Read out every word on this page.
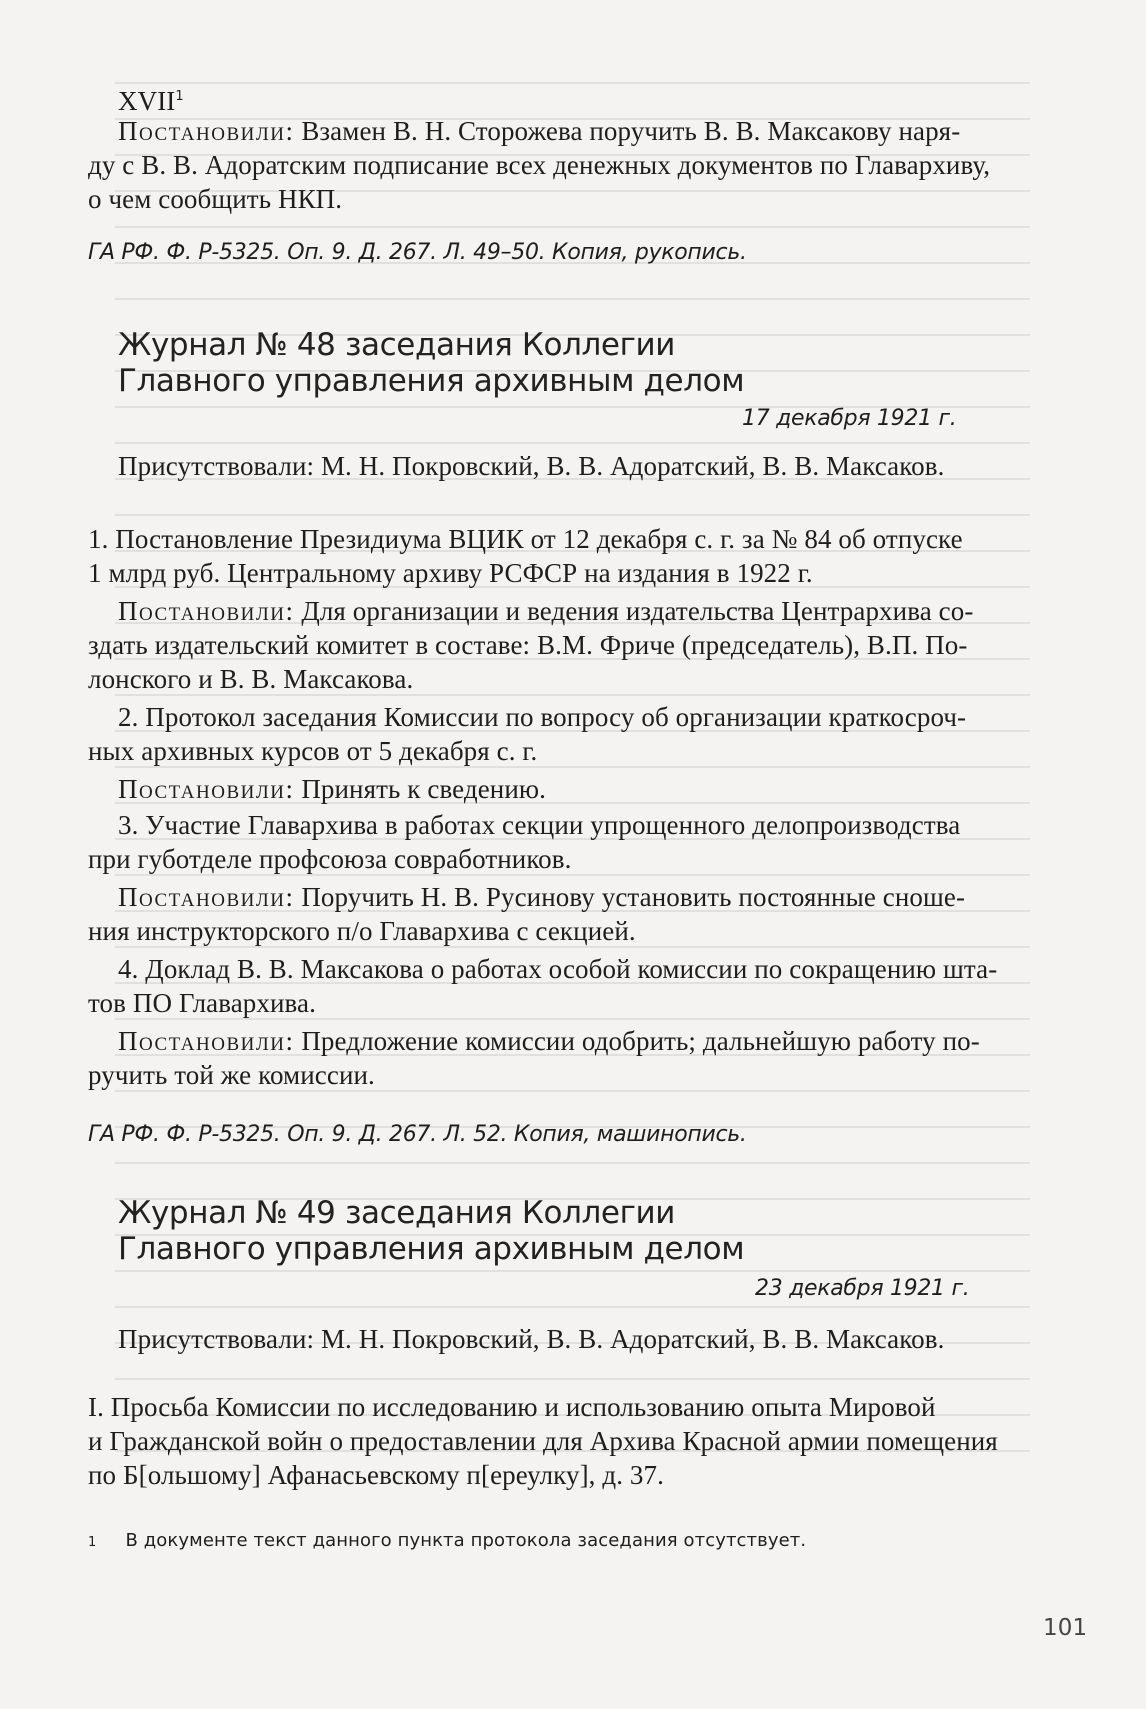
XVII$^1$
Постановили: Взамен В. Н. Сторожева поручить В. В. Максакову наря-
ду с В. В. Адоратским подписание всех денежных документов по Главархиву,
о чем сообщить НКП.
ГА РФ. Ф. Р-5325. Оп. 9. Д. 267. Л. 49–50. Копия, рукопись.
Журнал № 48 заседания Коллегии
Главного управления архивным делом
17 декабря 1921 г.
Присутствовали: М. Н. Покровский, В. В. Адоратский, В. В. Максаков.
1. Постановление Президиума ВЦИК от 12 декабря с. г. за № 84 об отпуске
1 млрд руб. Центральному архиву РСФСР на издания в 1922 г.
Постановили: Для организации и ведения издательства Центрархива со-
здать издательский комитет в составе: В.М. Фриче (председатель), В.П. По-
лонского и В. В. Максакова.
2. Протокол заседания Комиссии по вопросу об организации краткосроч-
ных архивных курсов от 5 декабря с. г.
Постановили: Принять к сведению.
3. Участие Главархива в работах секции упрощенного делопроизводства
при губотделе профсоюза совработников.
Постановили: Поручить Н. В. Русинову установить постоянные сноше-
ния инструкторского п/о Главархива с секцией.
4. Доклад В. В. Максакова о работах особой комиссии по сокращению шта-
тов ПО Главархива.
Постановили: Предложение комиссии одобрить; дальнейшую работу по-
ручить той же комиссии.
ГА РФ. Ф. Р-5325. Оп. 9. Д. 267. Л. 52. Копия, машинопись.
Журнал № 49 заседания Коллегии
Главного управления архивным делом
23 декабря 1921 г.
Присутствовали: М. Н. Покровский, В. В. Адоратский, В. В. Максаков.
I. Просьба Комиссии по исследованию и использованию опыта Мировой
и Гражданской войн о предоставлении для Архива Красной армии помещения
по Б[ольшому] Афанасьевскому п[ереулку], д. 37.
1 В документе текст данного пункта протокола заседания отсутствует.
101
